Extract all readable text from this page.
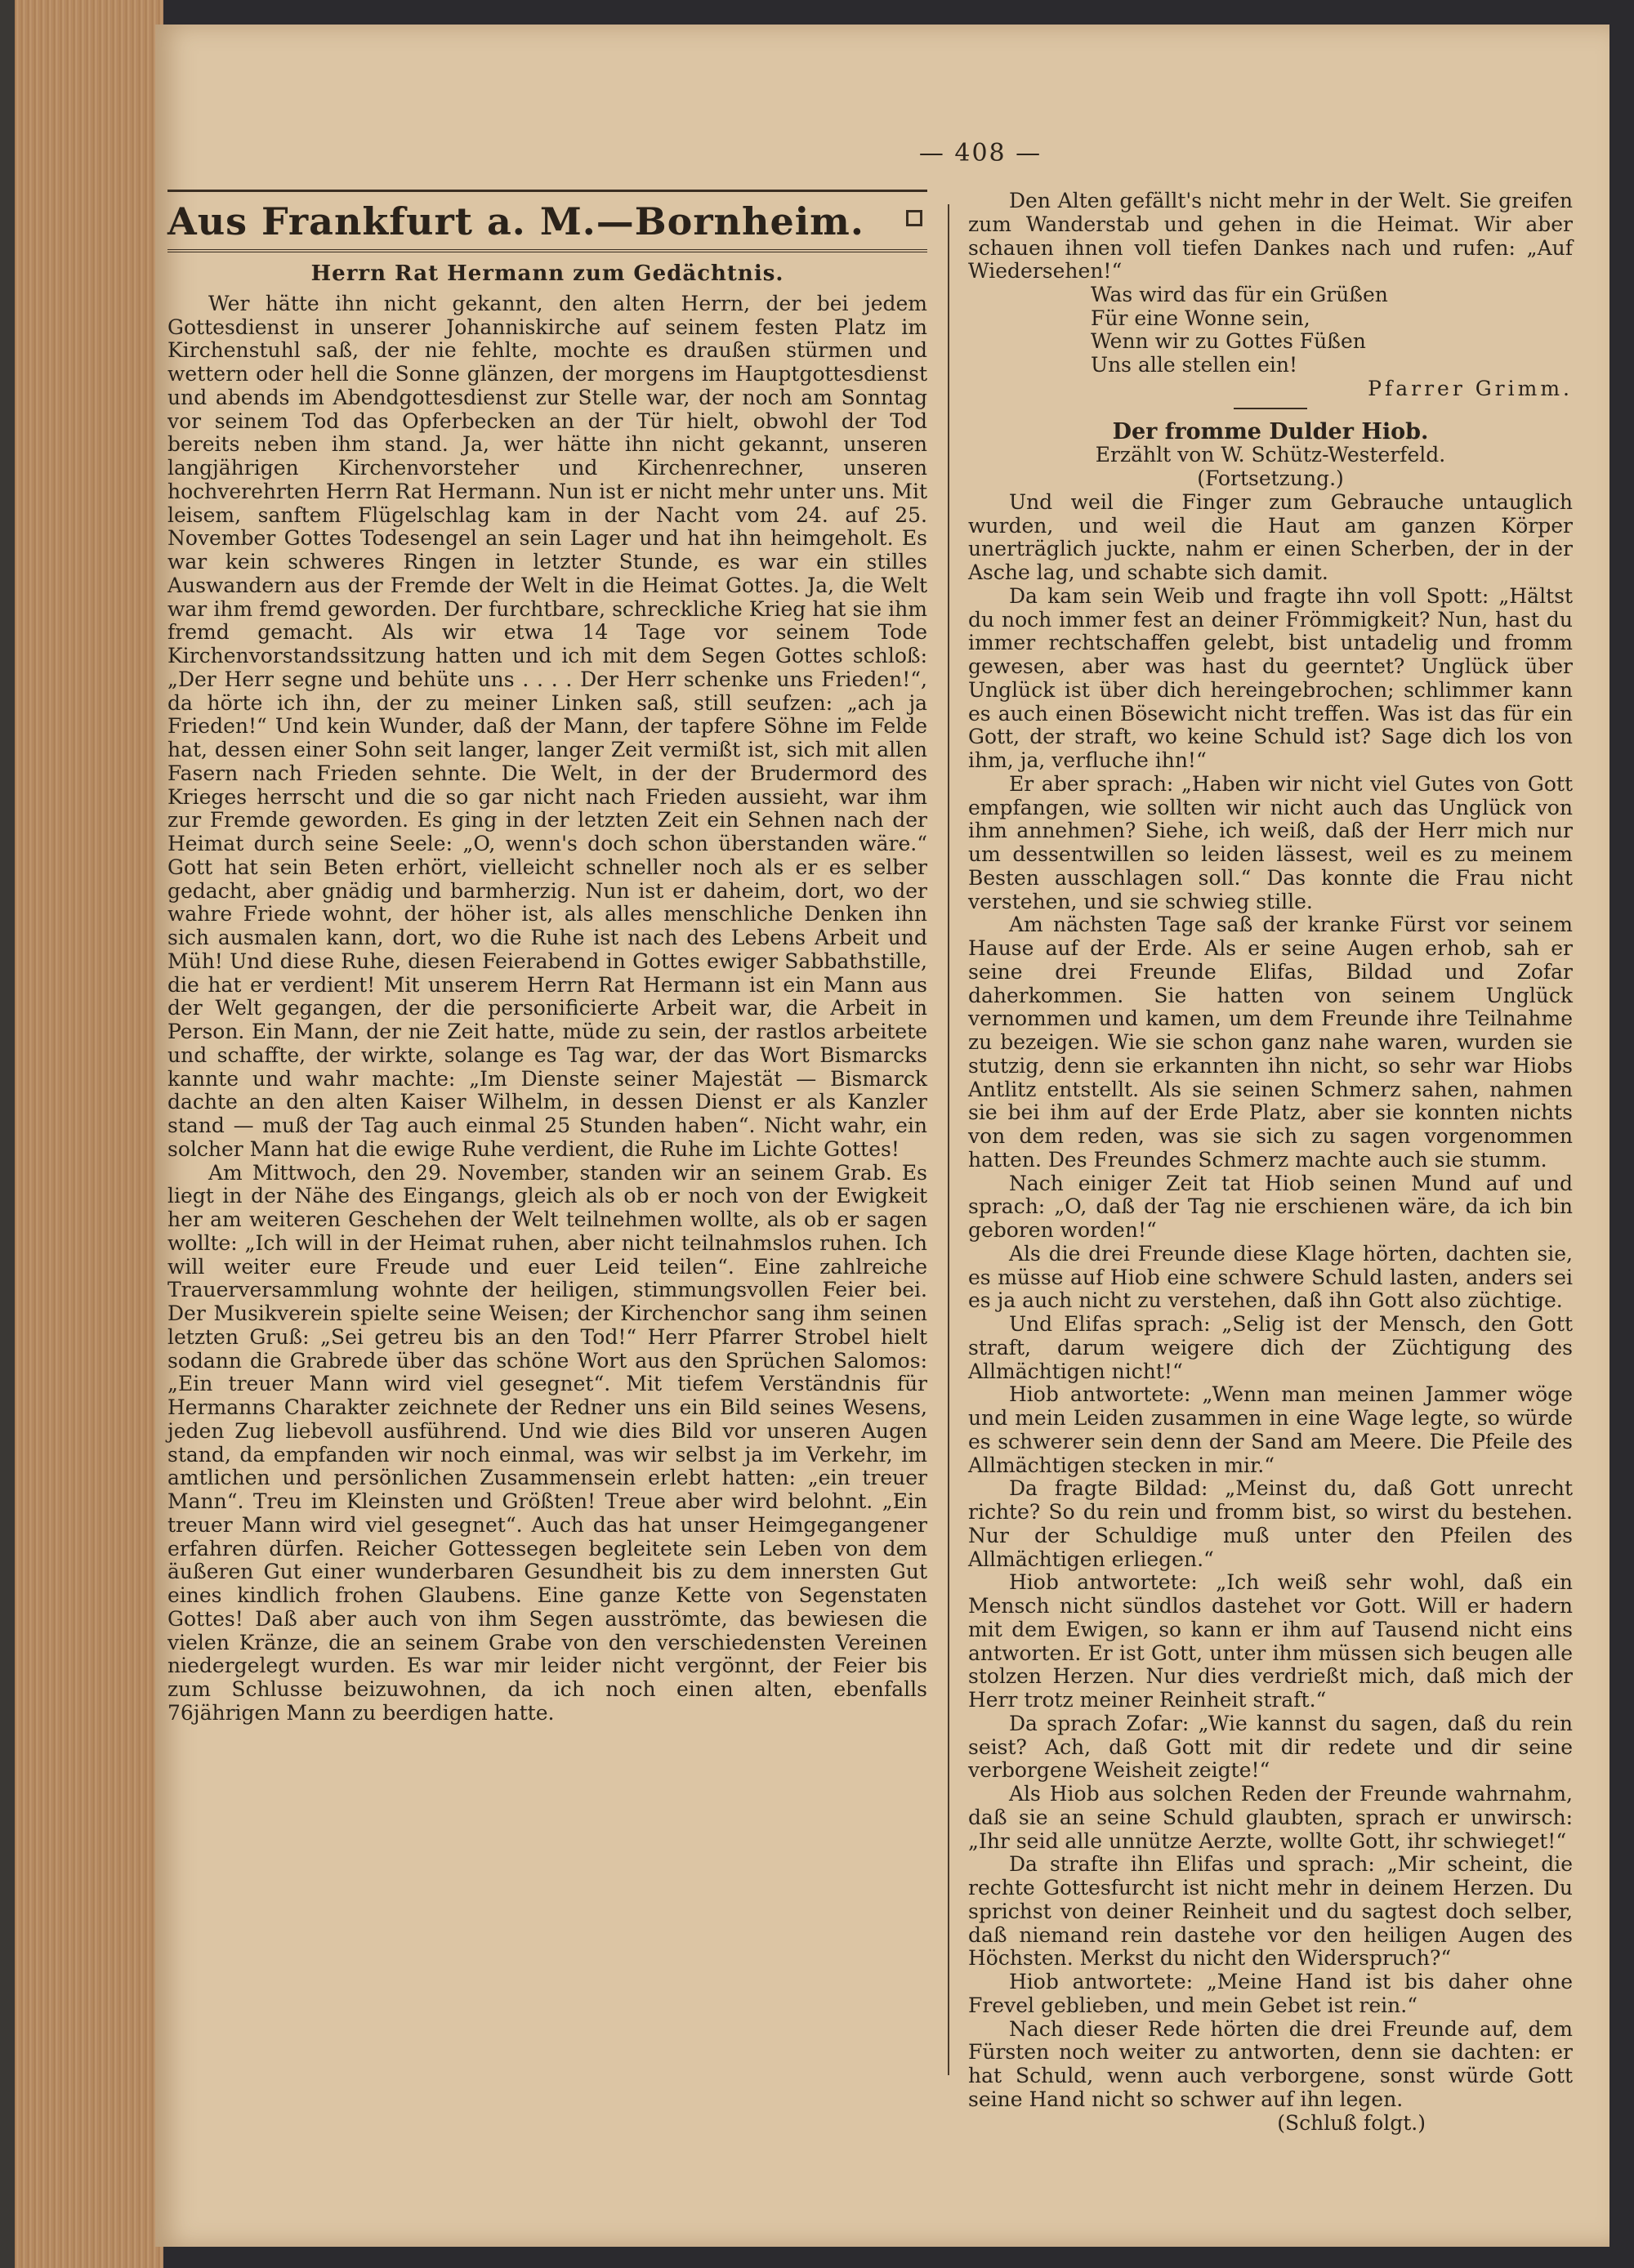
— 408 —
Aus Frankfurt a. M.—Bornheim.
Herrn Rat Hermann zum Gedächtnis.

Wer hätte ihn nicht gekannt, den alten Herrn, der bei jedem Gottesdienst in unserer Johanniskirche auf seinem festen Platz im Kirchenstuhl saß, der nie fehlte, mochte es draußen stürmen und wettern oder hell die Sonne glänzen, der morgens im Hauptgottesdienst und abends im Abendgottesdienst zur Stelle war, der noch am Sonntag vor seinem Tod das Opferbecken an der Tür hielt, obwohl der Tod bereits neben ihm stand. Ja, wer hätte ihn nicht gekannt, unseren langjährigen Kirchenvorsteher und Kirchenrechner, unseren hochverehrten Herrn Rat Hermann. Nun ist er nicht mehr unter uns. Mit leisem, sanftem Flügelschlag kam in der Nacht vom 24. auf 25. November Gottes Todesengel an sein Lager und hat ihn heimgeholt. Es war kein schweres Ringen in letzter Stunde, es war ein stilles Auswandern aus der Fremde der Welt in die Heimat Gottes. Ja, die Welt war ihm fremd geworden. Der furchtbare, schreckliche Krieg hat sie ihm fremd gemacht. Als wir etwa 14 Tage vor seinem Tode Kirchenvorstandssitzung hatten und ich mit dem Segen Gottes schloß: „Der Herr segne und behüte uns . . . . Der Herr schenke uns Frieden!“, da hörte ich ihn, der zu meiner Linken saß, still seufzen: „ach ja Frieden!“ Und kein Wunder, daß der Mann, der tapfere Söhne im Felde hat, dessen einer Sohn seit langer, langer Zeit vermißt ist, sich mit allen Fasern nach Frieden sehnte. Die Welt, in der der Brudermord des Krieges herrscht und die so gar nicht nach Frieden aussieht, war ihm zur Fremde geworden. Es ging in der letzten Zeit ein Sehnen nach der Heimat durch seine Seele: „O, wenn's doch schon überstanden wäre.“ Gott hat sein Beten erhört, vielleicht schneller noch als er es selber gedacht, aber gnädig und barmherzig. Nun ist er daheim, dort, wo der wahre Friede wohnt, der höher ist, als alles menschliche Denken ihn sich ausmalen kann, dort, wo die Ruhe ist nach des Lebens Arbeit und Müh! Und diese Ruhe, diesen Feierabend in Gottes ewiger Sabbathstille, die hat er verdient! Mit unserem Herrn Rat Hermann ist ein Mann aus der Welt gegangen, der die personificierte Arbeit war, die Arbeit in Person. Ein Mann, der nie Zeit hatte, müde zu sein, der rastlos arbeitete und schaffte, der wirkte, solange es Tag war, der das Wort Bismarcks kannte und wahr machte: „Im Dienste seiner Majestät — Bismarck dachte an den alten Kaiser Wilhelm, in dessen Dienst er als Kanzler stand — muß der Tag auch einmal 25 Stunden haben“. Nicht wahr, ein solcher Mann hat die ewige Ruhe verdient, die Ruhe im Lichte Gottes!

Am Mittwoch, den 29. November, standen wir an seinem Grab. Es liegt in der Nähe des Eingangs, gleich als ob er noch von der Ewigkeit her am weiteren Geschehen der Welt teilnehmen wollte, als ob er sagen wollte: „Ich will in der Heimat ruhen, aber nicht teilnahmslos ruhen. Ich will weiter eure Freude und euer Leid teilen“. Eine zahlreiche Trauerversammlung wohnte der heiligen, stimmungsvollen Feier bei. Der Musikverein spielte seine Weisen; der Kirchenchor sang ihm seinen letzten Gruß: „Sei getreu bis an den Tod!“ Herr Pfarrer Strobel hielt sodann die Grabrede über das schöne Wort aus den Sprüchen Salomos: „Ein treuer Mann wird viel gesegnet“. Mit tiefem Verständnis für Hermanns Charakter zeichnete der Redner uns ein Bild seines Wesens, jeden Zug liebevoll ausführend. Und wie dies Bild vor unseren Augen stand, da empfanden wir noch einmal, was wir selbst ja im Verkehr, im amtlichen und persönlichen Zusammensein erlebt hatten: „ein treuer Mann“. Treu im Kleinsten und Größten! Treue aber wird belohnt. „Ein treuer Mann wird viel gesegnet“. Auch das hat unser Heimgegangener erfahren dürfen. Reicher Gottessegen begleitete sein Leben von dem äußeren Gut einer wunderbaren Gesundheit bis zu dem innersten Gut eines kindlich frohen Glaubens. Eine ganze Kette von Segenstaten Gottes! Daß aber auch von ihm Segen ausströmte, das bewiesen die vielen Kränze, die an seinem Grabe von den verschiedensten Vereinen niedergelegt wurden. Es war mir leider nicht vergönnt, der Feier bis zum Schlusse beizuwohnen, da ich noch einen alten, ebenfalls 76jährigen Mann zu beerdigen hatte.

Den Alten gefällt's nicht mehr in der Welt. Sie greifen zum Wanderstab und gehen in die Heimat. Wir aber schauen ihnen voll tiefen Dankes nach und rufen: „Auf Wiedersehen!“

Was wird das für ein Grüßen
Für eine Wonne sein,
Wenn wir zu Gottes Füßen
Uns alle stellen ein!

Pfarrer Grimm.

Der fromme Dulder Hiob.

Erzählt von W. Schütz-Westerfeld.

(Fortsetzung.)

Und weil die Finger zum Gebrauche untauglich wurden, und weil die Haut am ganzen Körper unerträglich juckte, nahm er einen Scherben, der in der Asche lag, und schabte sich damit.

Da kam sein Weib und fragte ihn voll Spott: „Hältst du noch immer fest an deiner Frömmigkeit? Nun, hast du immer rechtschaffen gelebt, bist untadelig und fromm gewesen, aber was hast du geerntet? Unglück über Unglück ist über dich hereingebrochen; schlimmer kann es auch einen Bösewicht nicht treffen. Was ist das für ein Gott, der straft, wo keine Schuld ist? Sage dich los von ihm, ja, verfluche ihn!“

Er aber sprach: „Haben wir nicht viel Gutes von Gott empfangen, wie sollten wir nicht auch das Unglück von ihm annehmen? Siehe, ich weiß, daß der Herr mich nur um dessentwillen so leiden lässest, weil es zu meinem Besten ausschlagen soll.“ Das konnte die Frau nicht verstehen, und sie schwieg stille.

Am nächsten Tage saß der kranke Fürst vor seinem Hause auf der Erde. Als er seine Augen erhob, sah er seine drei Freunde Elifas, Bildad und Zofar daherkommen. Sie hatten von seinem Unglück vernommen und kamen, um dem Freunde ihre Teilnahme zu bezeigen. Wie sie schon ganz nahe waren, wurden sie stutzig, denn sie erkannten ihn nicht, so sehr war Hiobs Antlitz entstellt. Als sie seinen Schmerz sahen, nahmen sie bei ihm auf der Erde Platz, aber sie konnten nichts von dem reden, was sie sich zu sagen vorgenommen hatten. Des Freundes Schmerz machte auch sie stumm.

Nach einiger Zeit tat Hiob seinen Mund auf und sprach: „O, daß der Tag nie erschienen wäre, da ich bin geboren worden!“

Als die drei Freunde diese Klage hörten, dachten sie, es müsse auf Hiob eine schwere Schuld lasten, anders sei es ja auch nicht zu verstehen, daß ihn Gott also züchtige.

Und Elifas sprach: „Selig ist der Mensch, den Gott straft, darum weigere dich der Züchtigung des Allmächtigen nicht!“

Hiob antwortete: „Wenn man meinen Jammer wöge und mein Leiden zusammen in eine Wage legte, so würde es schwerer sein denn der Sand am Meere. Die Pfeile des Allmächtigen stecken in mir.“

Da fragte Bildad: „Meinst du, daß Gott unrecht richte? So du rein und fromm bist, so wirst du bestehen. Nur der Schuldige muß unter den Pfeilen des Allmächtigen erliegen.“

Hiob antwortete: „Ich weiß sehr wohl, daß ein Mensch nicht sündlos dastehet vor Gott. Will er hadern mit dem Ewigen, so kann er ihm auf Tausend nicht eins antworten. Er ist Gott, unter ihm müssen sich beugen alle stolzen Herzen. Nur dies verdrießt mich, daß mich der Herr trotz meiner Reinheit straft.“

Da sprach Zofar: „Wie kannst du sagen, daß du rein seist? Ach, daß Gott mit dir redete und dir seine verborgene Weisheit zeigte!“

Als Hiob aus solchen Reden der Freunde wahrnahm, daß sie an seine Schuld glaubten, sprach er unwirsch: „Ihr seid alle unnütze Aerzte, wollte Gott, ihr schwieget!“

Da strafte ihn Elifas und sprach: „Mir scheint, die rechte Gottesfurcht ist nicht mehr in deinem Herzen. Du sprichst von deiner Reinheit und du sagtest doch selber, daß niemand rein dastehe vor den heiligen Augen des Höchsten. Merkst du nicht den Widerspruch?“

Hiob antwortete: „Meine Hand ist bis daher ohne Frevel geblieben, und mein Gebet ist rein.“

Nach dieser Rede hörten die drei Freunde auf, dem Fürsten noch weiter zu antworten, denn sie dachten: er hat Schuld, wenn auch verborgene, sonst würde Gott seine Hand nicht so schwer auf ihn legen.

(Schluß folgt.)
